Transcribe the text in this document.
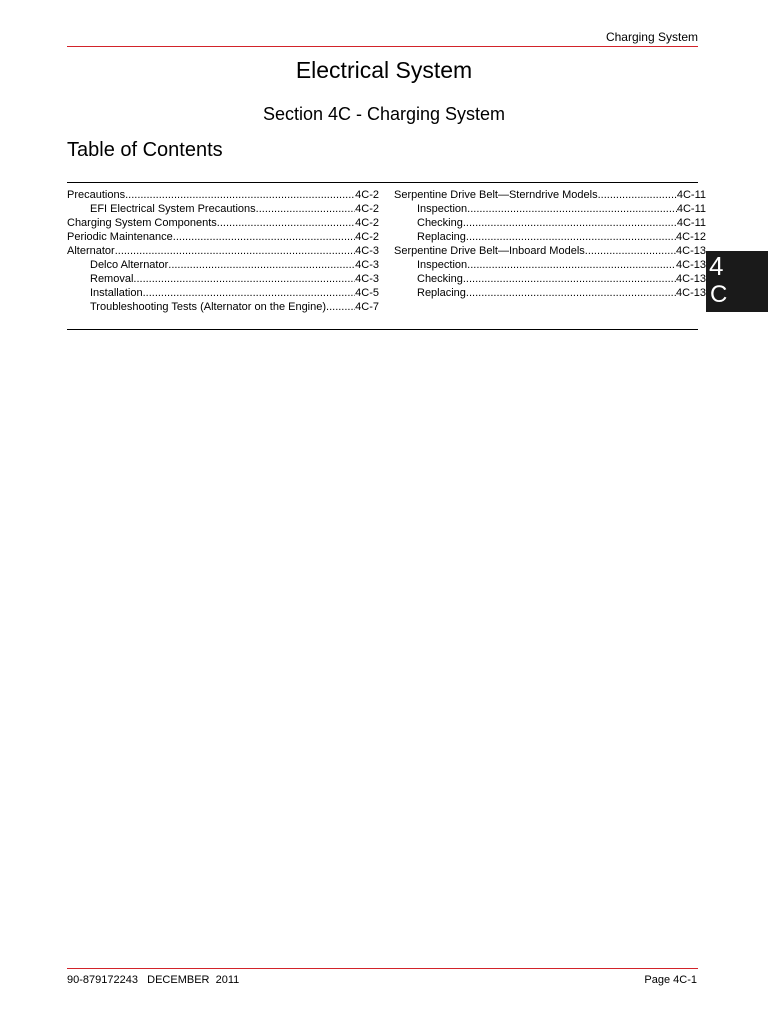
Charging System
Electrical System
Section 4C - Charging System
Table of Contents
Precautions .....	4C-2
EFI Electrical System Precautions .....	4C-2
Charging System Components .....	4C-2
Periodic Maintenance .....	4C-2
Alternator .....	4C-3
Delco Alternator .....	4C-3
Removal .....	4C-3
Installation .....	4C-5
Troubleshooting Tests (Alternator on the Engine) .....	4C-7
Serpentine Drive Belt—Sterndrive Models .....	4C-11
Inspection .....	4C-11
Checking .....	4C-11
Replacing .....	4C-12
Serpentine Drive Belt—Inboard Models .....	4C-13
Inspection .....	4C-13
Checking .....	4C-13
Replacing .....	4C-13
4
C
90-879172243 DECEMBER  2011	Page 4C-1
